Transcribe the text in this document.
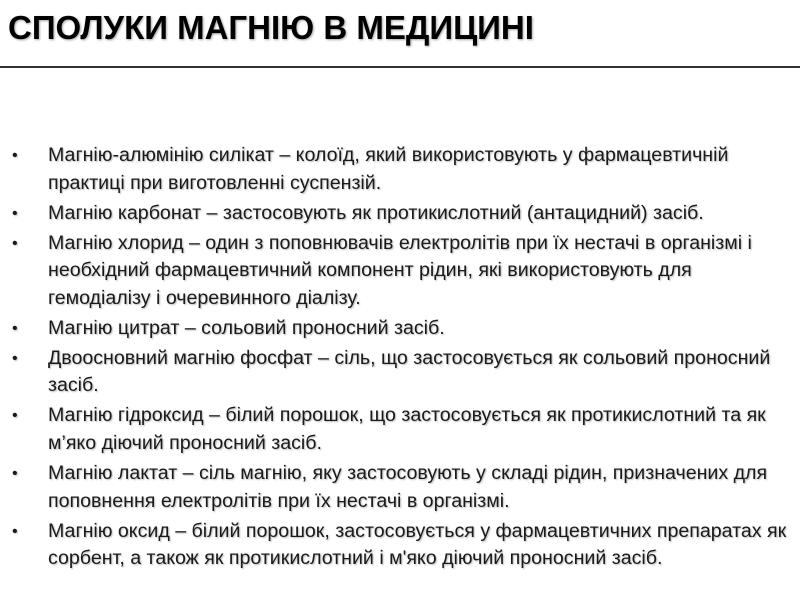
СПОЛУКИ МАГНІЮ В МЕДИЦИНІ
• Магнію-алюмінію силікат – колоїд, який використовують у фармацевтичній практиці при виготовленні суспензій.
• Магнію карбонат – застосовують як протикислотний (антацидний) засіб.
• Магнію хлорид – один з поповнювачів електролітів при їх нестачі в організмі і необхідний фармацевтичний компонент рідин, які використовують для гемодіалізу і очеревинного діалізу.
• Магнію цитрат – сольовий проносний засіб.
• Двоосновний магнію фосфат – сіль, що застосовується як сольовий проносний засіб.
• Магнію гідроксид – білий порошок, що застосовується як протикислотний та як м’яко діючий проносний засіб.
• Магнію лактат – сіль магнію, яку застосовують у складі рідин, призначених для поповнення електролітів при їх нестачі в організмі.
• Магнію оксид – білий порошок, застосовується у фармацевтичних препаратах як сорбент, а також як протикислотний і м'яко діючий проносний засіб.
